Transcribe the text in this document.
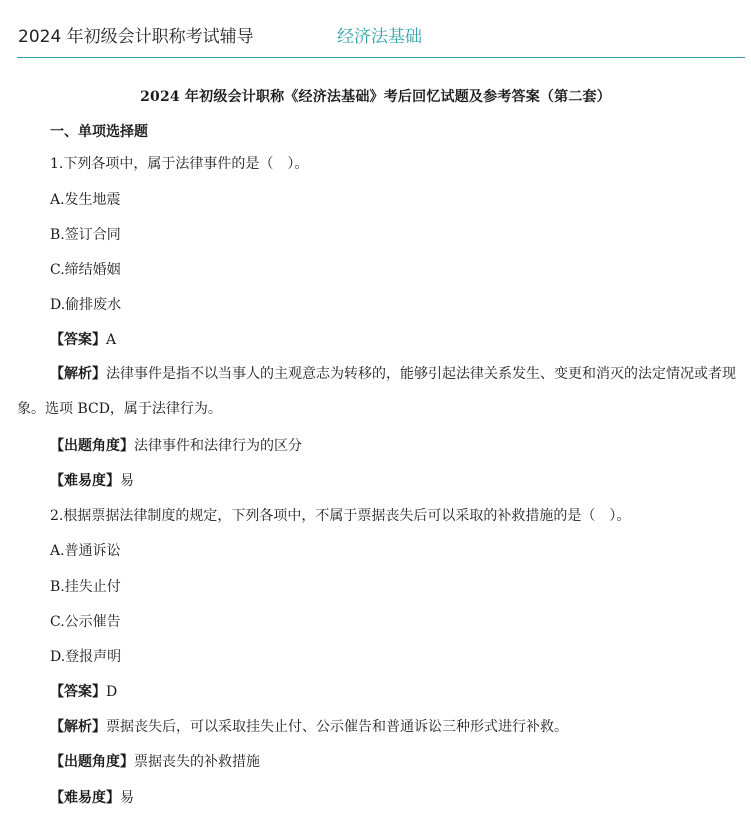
2024 年初级会计职称考试辅导	经济法基础
2024 年初级会计职称《经济法基础》考后回忆试题及参考答案（第二套）
一、单项选择题
1.下列各项中，属于法律事件的是（　）。
A.发生地震
B.签订合同
C.缔结婚姻
D.偷排废水
【答案】A
【解析】法律事件是指不以当事人的主观意志为转移的，能够引起法律关系发生、变更和消灭的法定情况或者现象。选项 BCD，属于法律行为。
【出题角度】法律事件和法律行为的区分
【难易度】易
2.根据票据法律制度的规定，下列各项中，不属于票据丧失后可以采取的补救措施的是（　）。
A.普通诉讼
B.挂失止付
C.公示催告
D.登报声明
【答案】D
【解析】票据丧失后，可以采取挂失止付、公示催告和普通诉讼三种形式进行补救。
【出题角度】票据丧失的补救措施
【难易度】易
